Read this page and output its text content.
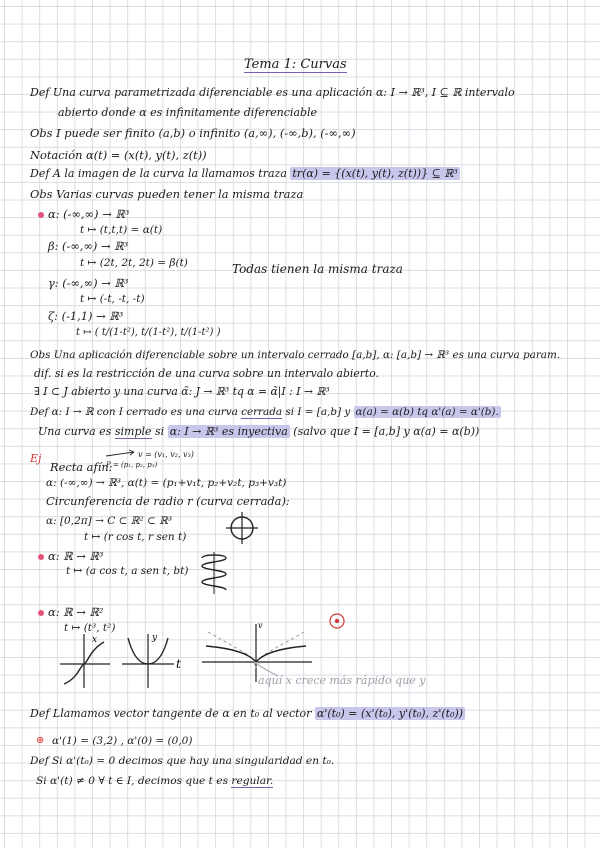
Tema 1: Curvas
Def Una curva parametrizada diferenciable es una aplicación α: I → ℝ³, I ⊆ ℝ intervalo
abierto donde α es infinitamente diferenciable
Obs I puede ser finito (a,b) o infinito (a,∞), (-∞,b), (-∞,∞)
Notación α(t) = (x(t), y(t), z(t))
Def A la imagen de la curva la llamamos traza tr(α) = {(x(t), y(t), z(t))} ⊆ ℝ³
Obs Varias curvas pueden tener la misma traza
α: (-∞,∞) → ℝ³
t ↦ (t,t,t) = α(t)
β: (-∞,∞) → ℝ³
t ↦ (2t, 2t, 2t) = β(t)	Todas tienen la misma traza
γ: (-∞,∞) → ℝ³
t ↦ (-t, -t, -t)
ζ: (-1,1) → ℝ³
t ↦ ( t/(1-t²), t/(1-t²), t/(1-t²) )
Obs Una aplicación diferenciable sobre un intervalo cerrado [a,b], α: [a,b] → ℝ³ es una curva param.
dif. si es la restricción de una curva sobre un intervalo abierto.
∃ I ⊂ J abierto y una curva α̃: J → ℝ³ tq α = α̃|I : I → ℝ³
Def α: I → ℝ con I cerrado es una curva cerrada si I = [a,b] y α(a) = α(b) tq α'(a) = α'(b).
Una curva es simple si α: I → ℝ³ es inyectiva (salvo que I = [a,b] y α(a) = α(b))
Ej	v = (v₁, v₂, v₃)
P = (p₁, p₂, p₃)
Recta afín:
α: (-∞,∞) → ℝ³, α(t) = (p₁+v₁t, p₂+v₂t, p₃+v₃t)
Circunferencia de radio r (curva cerrada):
α: [0,2π] → C ⊂ ℝ² ⊂ ℝ³
t ↦ (r cos t, r sen t)
α: ℝ → ℝ³
t ↦ (a cos t, a sen t, bt)
α: ℝ → ℝ²
t ↦ (t³, t²)
aquí x crece más rápido que y
Def Llamamos vector tangente de α en t₀ al vector α'(t₀) = (x'(t₀), y'(t₀), z'(t₀))
⊛ α'(1) = (3,2) , α'(0) = (0,0)
Def Si α'(t₀) = 0 decimos que hay una singularidad en t₀.
Si α'(t) ≠ 0 ∀ t ∈ I, decimos que t es regular.
x	y
t
v
